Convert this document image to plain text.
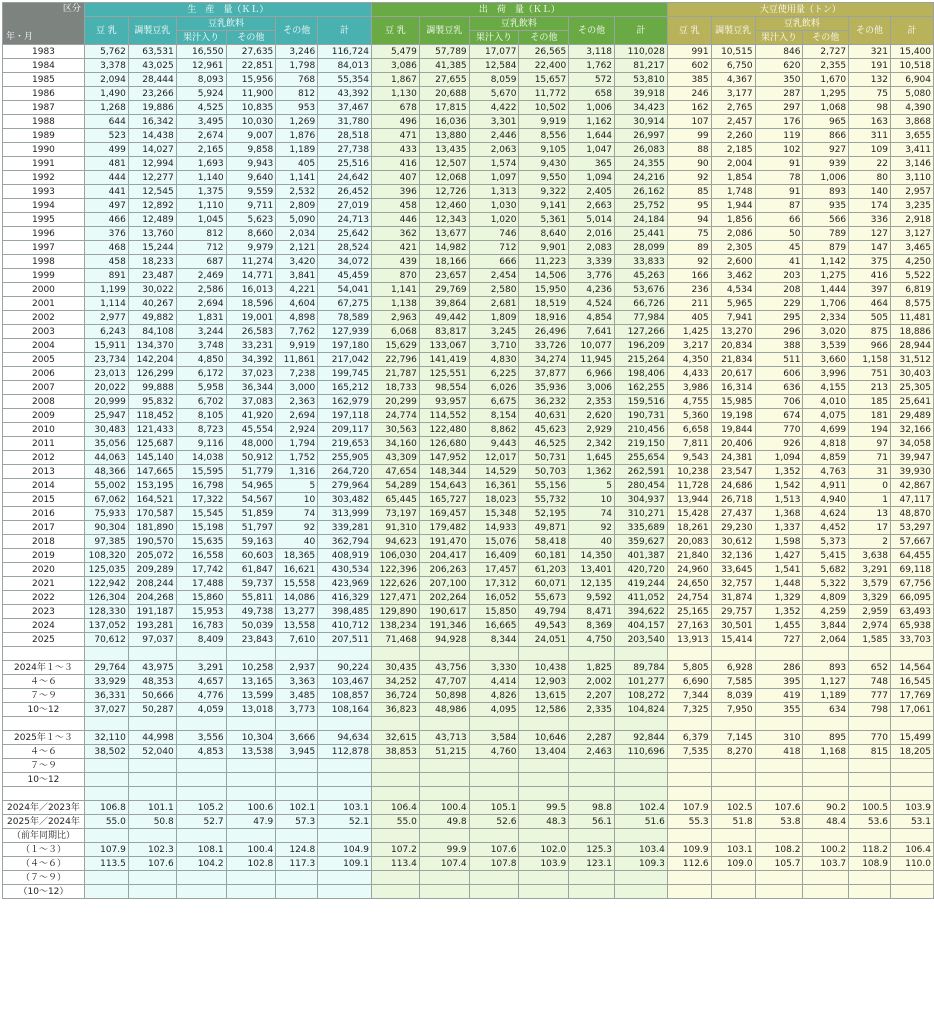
区分
年・月	生　産　量（ＫＬ）						出　荷　量（ＫＬ）						大豆使用量（トン）					
	豆 乳	調製豆乳	豆乳飲料		その他	計	豆 乳	調製豆乳	豆乳飲料		その他	計	豆 乳	調製豆乳	豆乳飲料		その他	計
			果汁入り	その他					果汁入り	その他					果汁入り	その他		
1983	5,762	63,531	16,550	27,635	3,246	116,724	5,479	57,789	17,077	26,565	3,118	110,028	991	10,515	846	2,727	321	15,400
1984	3,378	43,025	12,961	22,851	1,798	84,013	3,086	41,385	12,584	22,400	1,762	81,217	602	6,750	620	2,355	191	10,518
1985	2,094	28,444	8,093	15,956	768	55,354	1,867	27,655	8,059	15,657	572	53,810	385	4,367	350	1,670	132	6,904
1986	1,490	23,266	5,924	11,900	812	43,392	1,130	20,688	5,670	11,772	658	39,918	246	3,177	287	1,295	75	5,080
1987	1,268	19,886	4,525	10,835	953	37,467	678	17,815	4,422	10,502	1,006	34,423	162	2,765	297	1,068	98	4,390
1988	644	16,342	3,495	10,030	1,269	31,780	496	16,036	3,301	9,919	1,162	30,914	107	2,457	176	965	163	3,868
1989	523	14,438	2,674	9,007	1,876	28,518	471	13,880	2,446	8,556	1,644	26,997	99	2,260	119	866	311	3,655
1990	499	14,027	2,165	9,858	1,189	27,738	433	13,435	2,063	9,105	1,047	26,083	88	2,185	102	927	109	3,411
1991	481	12,994	1,693	9,943	405	25,516	416	12,507	1,574	9,430	365	24,355	90	2,004	91	939	22	3,146
1992	444	12,277	1,140	9,640	1,141	24,642	407	12,068	1,097	9,550	1,094	24,216	92	1,854	78	1,006	80	3,110
1993	441	12,545	1,375	9,559	2,532	26,452	396	12,726	1,313	9,322	2,405	26,162	85	1,748	91	893	140	2,957
1994	497	12,892	1,110	9,711	2,809	27,019	458	12,460	1,030	9,141	2,663	25,752	95	1,944	87	935	174	3,235
1995	466	12,489	1,045	5,623	5,090	24,713	446	12,343	1,020	5,361	5,014	24,184	94	1,856	66	566	336	2,918
1996	376	13,760	812	8,660	2,034	25,642	362	13,677	746	8,640	2,016	25,441	75	2,086	50	789	127	3,127
1997	468	15,244	712	9,979	2,121	28,524	421	14,982	712	9,901	2,083	28,099	89	2,305	45	879	147	3,465
1998	458	18,233	687	11,274	3,420	34,072	439	18,166	666	11,223	3,339	33,833	92	2,600	41	1,142	375	4,250
1999	891	23,487	2,469	14,771	3,841	45,459	870	23,657	2,454	14,506	3,776	45,263	166	3,462	203	1,275	416	5,522
2000	1,199	30,022	2,586	16,013	4,221	54,041	1,141	29,769	2,580	15,950	4,236	53,676	236	4,534	208	1,444	397	6,819
2001	1,114	40,267	2,694	18,596	4,604	67,275	1,138	39,864	2,681	18,519	4,524	66,726	211	5,965	229	1,706	464	8,575
2002	2,977	49,882	1,831	19,001	4,898	78,589	2,963	49,442	1,809	18,916	4,854	77,984	405	7,941	295	2,334	505	11,481
2003	6,243	84,108	3,244	26,583	7,762	127,939	6,068	83,817	3,245	26,496	7,641	127,266	1,425	13,270	296	3,020	875	18,886
2004	15,911	134,370	3,748	33,231	9,919	197,180	15,629	133,067	3,710	33,726	10,077	196,209	3,217	20,834	388	3,539	966	28,944
2005	23,734	142,204	4,850	34,392	11,861	217,042	22,796	141,419	4,830	34,274	11,945	215,264	4,350	21,834	511	3,660	1,158	31,512
2006	23,013	126,299	6,172	37,023	7,238	199,745	21,787	125,551	6,225	37,877	6,966	198,406	4,433	20,617	606	3,996	751	30,403
2007	20,022	99,888	5,958	36,344	3,000	165,212	18,733	98,554	6,026	35,936	3,006	162,255	3,986	16,314	636	4,155	213	25,305
2008	20,999	95,832	6,702	37,083	2,363	162,979	20,299	93,957	6,675	36,232	2,353	159,516	4,755	15,985	706	4,010	185	25,641
2009	25,947	118,452	8,105	41,920	2,694	197,118	24,774	114,552	8,154	40,631	2,620	190,731	5,360	19,198	674	4,075	181	29,489
2010	30,483	121,433	8,723	45,554	2,924	209,117	30,563	122,480	8,862	45,623	2,929	210,456	6,658	19,844	770	4,699	194	32,166
2011	35,056	125,687	9,116	48,000	1,794	219,653	34,160	126,680	9,443	46,525	2,342	219,150	7,811	20,406	926	4,818	97	34,058
2012	44,063	145,140	14,038	50,912	1,752	255,905	43,309	147,952	12,017	50,731	1,645	255,654	9,543	24,381	1,094	4,859	71	39,947
2013	48,366	147,665	15,595	51,779	1,316	264,720	47,654	148,344	14,529	50,703	1,362	262,591	10,238	23,547	1,352	4,763	31	39,930
2014	55,002	153,195	16,798	54,965	5	279,964	54,289	154,643	16,361	55,156	5	280,454	11,728	24,686	1,542	4,911	0	42,867
2015	67,062	164,521	17,322	54,567	10	303,482	65,445	165,727	18,023	55,732	10	304,937	13,944	26,718	1,513	4,940	1	47,117
2016	75,933	170,587	15,545	51,859	74	313,999	73,197	169,457	15,348	52,195	74	310,271	15,428	27,437	1,368	4,624	13	48,870
2017	90,304	181,890	15,198	51,797	92	339,281	91,310	179,482	14,933	49,871	92	335,689	18,261	29,230	1,337	4,452	17	53,297
2018	97,385	190,570	15,635	59,163	40	362,794	94,623	191,470	15,076	58,418	40	359,627	20,083	30,612	1,598	5,373	2	57,667
2019	108,320	205,072	16,558	60,603	18,365	408,919	106,030	204,417	16,409	60,181	14,350	401,387	21,840	32,136	1,427	5,415	3,638	64,455
2020	125,035	209,289	17,742	61,847	16,621	430,534	122,396	206,263	17,457	61,203	13,401	420,720	24,960	33,645	1,541	5,682	3,291	69,118
2021	122,942	208,244	17,488	59,737	15,558	423,969	122,626	207,100	17,312	60,071	12,135	419,244	24,650	32,757	1,448	5,322	3,579	67,756
2022	126,304	204,268	15,860	55,811	14,086	416,329	127,471	202,264	16,052	55,673	9,592	411,052	24,754	31,874	1,329	4,809	3,329	66,095
2023	128,330	191,187	15,953	49,738	13,277	398,485	129,890	190,617	15,850	49,794	8,471	394,622	25,165	29,757	1,352	4,259	2,959	63,493
2024	137,052	193,281	16,783	50,039	13,558	410,712	138,234	191,346	16,665	49,543	8,369	404,157	27,163	30,501	1,455	3,844	2,974	65,938
2025	70,612	97,037	8,409	23,843	7,610	207,511	71,468	94,928	8,344	24,051	4,750	203,540	13,913	15,414	727	2,064	1,585	33,703

2024年１～３	29,764	43,975	3,291	10,258	2,937	90,224	30,435	43,756	3,330	10,438	1,825	89,784	5,805	6,928	286	893	652	14,564
４～６	33,929	48,353	4,657	13,165	3,363	103,467	34,252	47,707	4,414	12,903	2,002	101,277	6,690	7,585	395	1,127	748	16,545
７～９	36,331	50,666	4,776	13,599	3,485	108,857	36,724	50,898	4,826	13,615	2,207	108,272	7,344	8,039	419	1,189	777	17,769
10～12	37,027	50,287	4,059	13,018	3,773	108,164	36,823	48,986	4,095	12,586	2,335	104,824	7,325	7,950	355	634	798	17,061

2025年１～３	32,110	44,998	3,556	10,304	3,666	94,634	32,615	43,713	3,584	10,646	2,287	92,844	6,379	7,145	310	895	770	15,499
４～６	38,502	52,040	4,853	13,538	3,945	112,878	38,853	51,215	4,760	13,404	2,463	110,696	7,535	8,270	418	1,168	815	18,205
７～９																		
10～12																		

2024年／2023年	106.8	101.1	105.2	100.6	102.1	103.1	106.4	100.4	105.1	99.5	98.8	102.4	107.9	102.5	107.6	90.2	100.5	103.9
2025年／2024年	55.0	50.8	52.7	47.9	57.3	52.1	55.0	49.8	52.6	48.3	56.1	51.6	55.3	51.8	53.8	48.4	53.6	53.1
（前年同期比）																		
（１～３）	107.9	102.3	108.1	100.4	124.8	104.9	107.2	99.9	107.6	102.0	125.3	103.4	109.9	103.1	108.2	100.2	118.2	106.4
（４～６）	113.5	107.6	104.2	102.8	117.3	109.1	113.4	107.4	107.8	103.9	123.1	109.3	112.6	109.0	105.7	103.7	108.9	110.0
（７～９）																		
（10～12）																		
